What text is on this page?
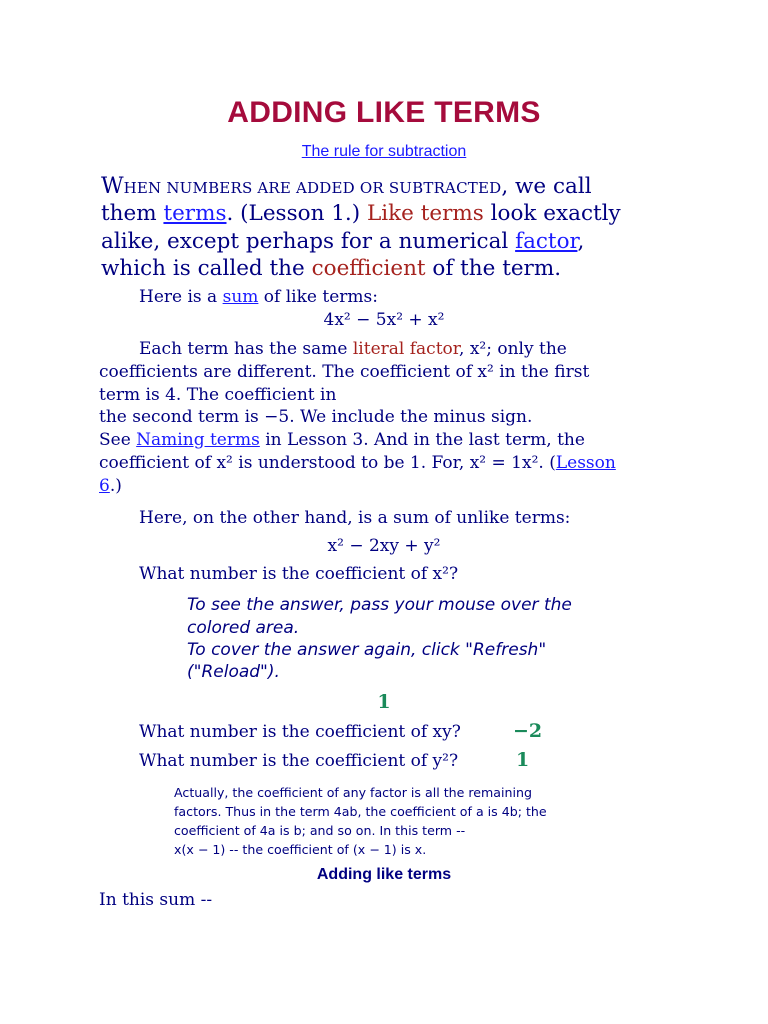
ADDING LIKE TERMS
The rule for subtraction
WHEN NUMBERS ARE ADDED OR SUBTRACTED, we call
them terms. (Lesson 1.) Like terms look exactly
alike, except perhaps for a numerical factor,
which is called the coefficient of the term.
Here is a sum of like terms:
4x² − 5x² + x²
Each term has the same literal factor, x²; only the
coefficients are different. The coefficient of x² in the first
term is 4. The coefficient in
the second term is −5. We include the minus sign.
See Naming terms in Lesson 3. And in the last term, the
coefficient of x² is understood to be 1. For, x² = 1x². (Lesson
6.)
Here, on the other hand, is a sum of unlike terms:
x² − 2xy + y²
What number is the coefficient of x²?
To see the answer, pass your mouse over the
colored area.
To cover the answer again, click "Refresh"
("Reload").
1
What number is the coefficient of xy?	−2
What number is the coefficient of y²?	1
Actually, the coefficient of any factor is all the remaining
factors. Thus in the term 4ab, the coefficient of a is 4b; the
coefficient of 4a is b; and so on. In this term --
x(x − 1) -- the coefficient of (x − 1) is x.
Adding like terms
In this sum --
